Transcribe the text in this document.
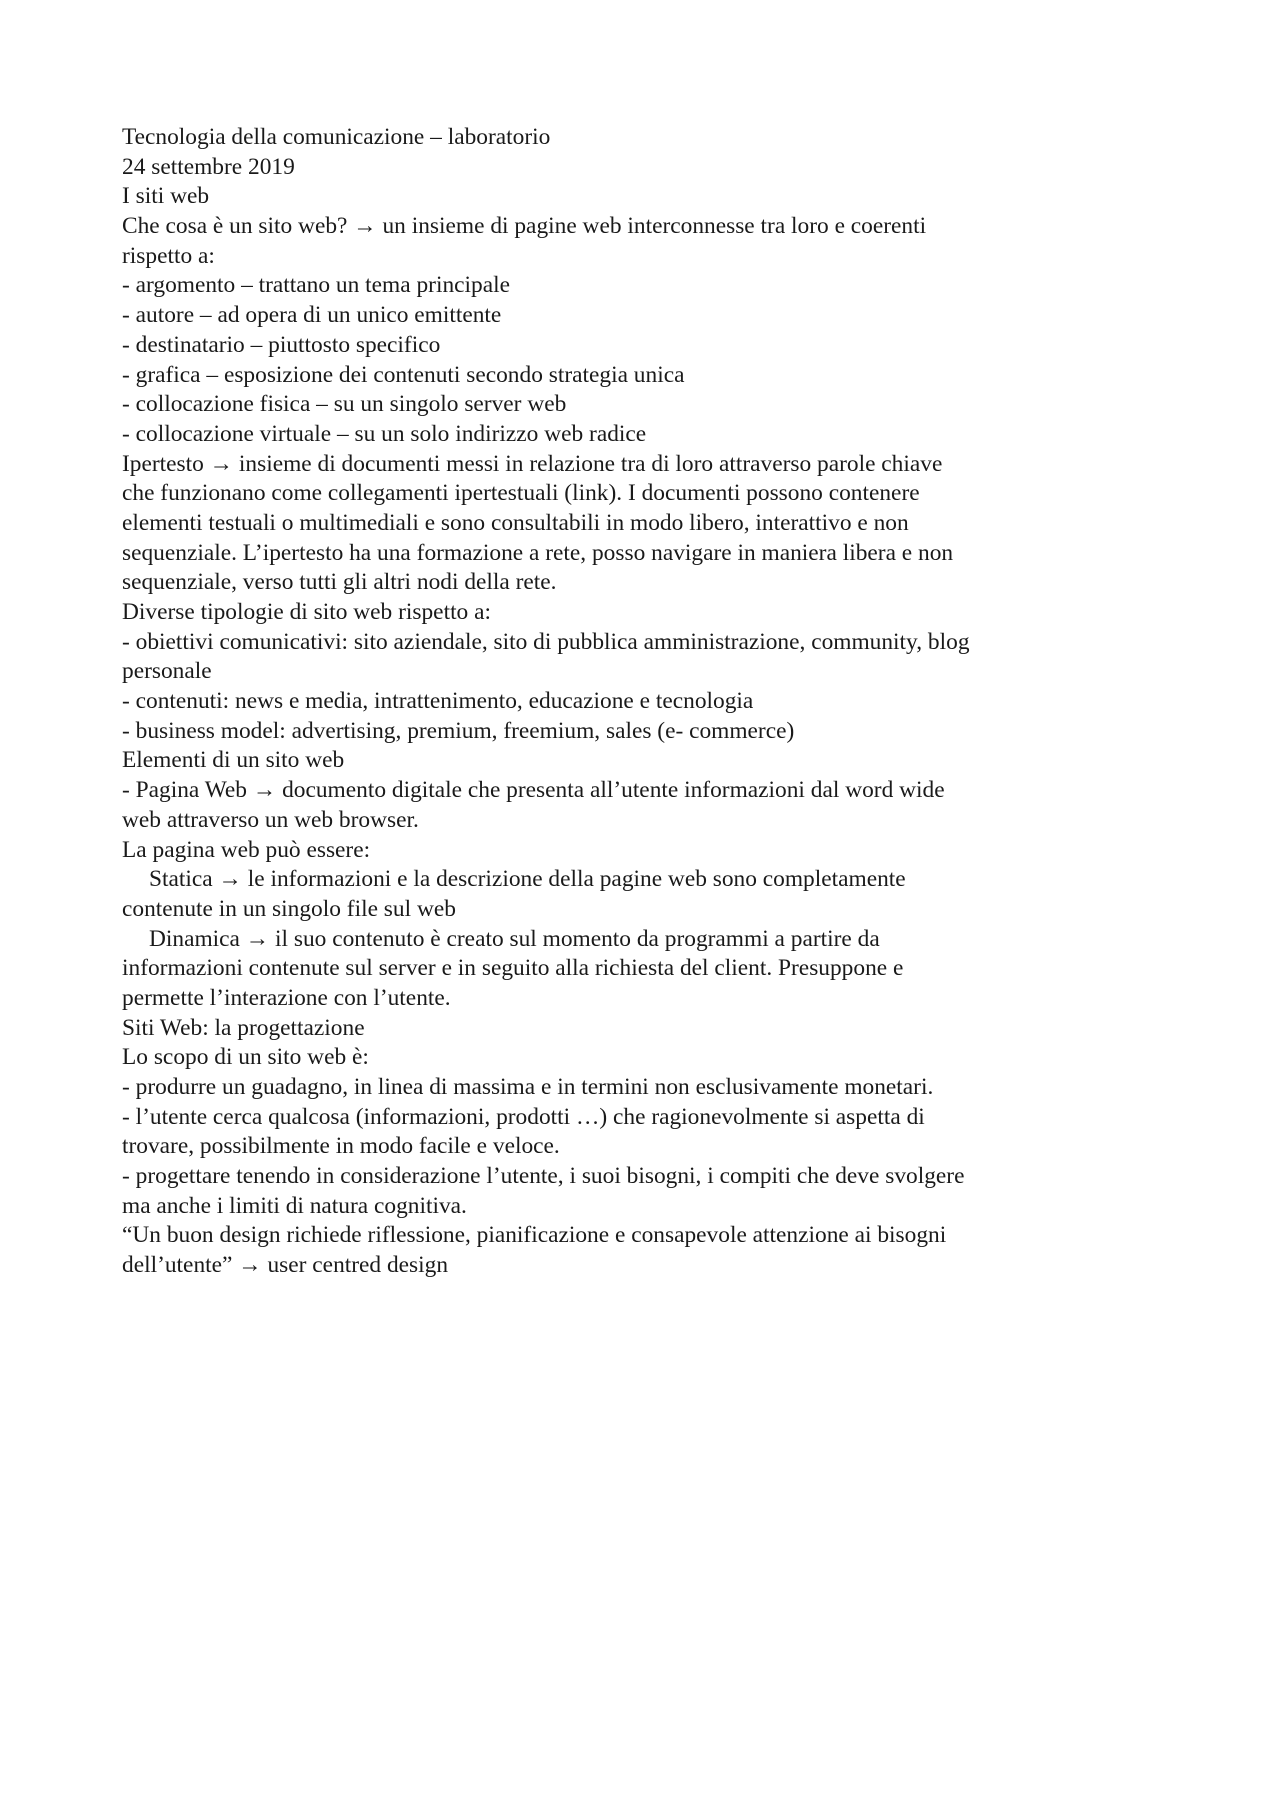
Tecnologia della comunicazione – laboratorio
24 settembre 2019
I siti web
Che cosa è un sito web? → un insieme di pagine web interconnesse tra loro e coerenti
rispetto a:
- argomento – trattano un tema principale
- autore – ad opera di un unico emittente
- destinatario – piuttosto specifico
- grafica – esposizione dei contenuti secondo strategia unica
- collocazione fisica – su un singolo server web
- collocazione virtuale – su un solo indirizzo web radice
Ipertesto → insieme di documenti messi in relazione tra di loro attraverso parole chiave
che funzionano come collegamenti ipertestuali (link). I documenti possono contenere
elementi testuali o multimediali e sono consultabili in modo libero, interattivo e non
sequenziale. L’ipertesto ha una formazione a rete, posso navigare in maniera libera e non
sequenziale, verso tutti gli altri nodi della rete.
Diverse tipologie di sito web rispetto a:
- obiettivi comunicativi: sito aziendale, sito di pubblica amministrazione, community, blog
personale
- contenuti: news e media, intrattenimento, educazione e tecnologia
- business model: advertising, premium, freemium, sales (e- commerce)
Elementi di un sito web
- Pagina Web → documento digitale che presenta all’utente informazioni dal word wide
web attraverso un web browser.
La pagina web può essere:
Statica → le informazioni e la descrizione della pagine web sono completamente
contenute in un singolo file sul web
Dinamica → il suo contenuto è creato sul momento da programmi a partire da
informazioni contenute sul server e in seguito alla richiesta del client. Presuppone e
permette l’interazione con l’utente.
Siti Web: la progettazione
Lo scopo di un sito web è:
- produrre un guadagno, in linea di massima e in termini non esclusivamente monetari.
- l’utente cerca qualcosa (informazioni, prodotti …) che ragionevolmente si aspetta di
trovare, possibilmente in modo facile e veloce.
- progettare tenendo in considerazione l’utente, i suoi bisogni, i compiti che deve svolgere
ma anche i limiti di natura cognitiva.
“Un buon design richiede riflessione, pianificazione e consapevole attenzione ai bisogni
dell’utente” → user centred design
